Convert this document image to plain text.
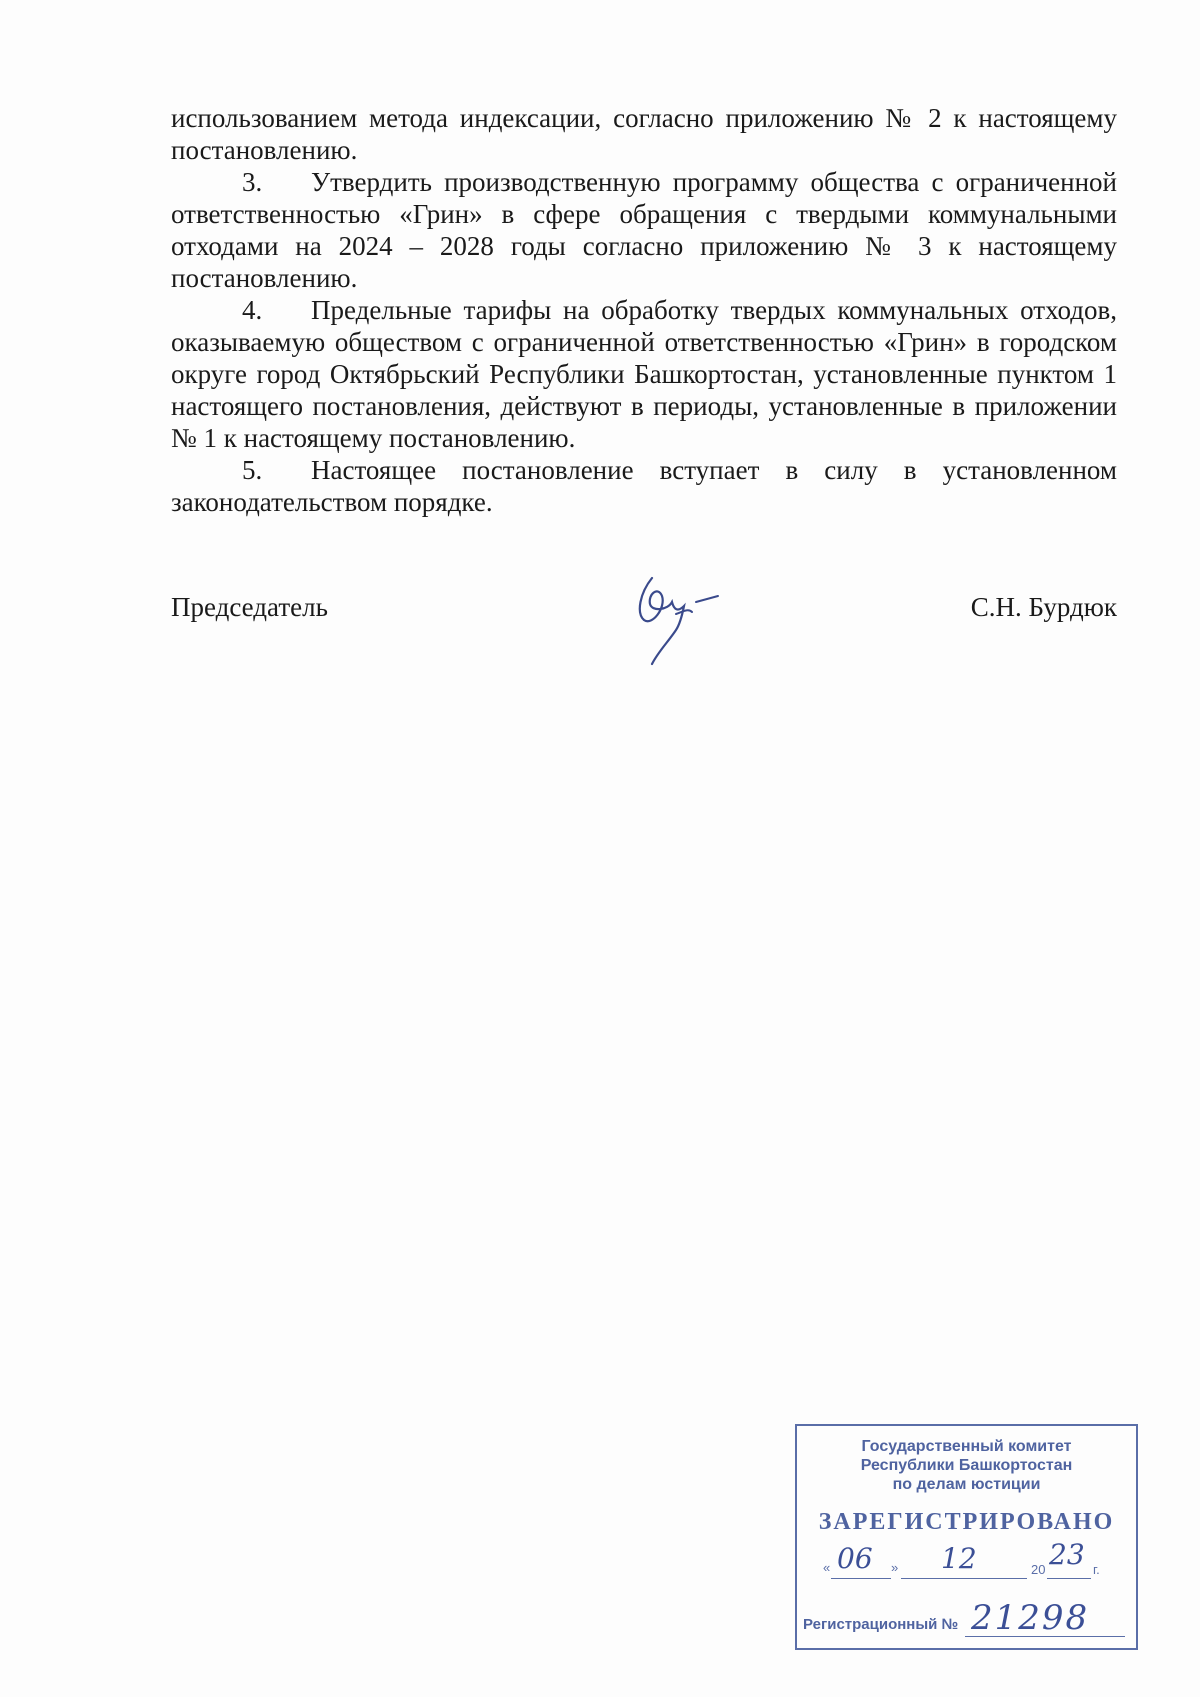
использованием метода индексации, согласно приложению № 2 к настоящему постановлению.

3. Утвердить производственную программу общества с ограниченной ответственностью «Грин» в сфере обращения с твердыми коммунальными отходами на 2024 – 2028 годы согласно приложению № 3 к настоящему постановлению.

4. Предельные тарифы на обработку твердых коммунальных отходов, оказываемую обществом с ограниченной ответственностью «Грин» в городском округе город Октябрьский Республики Башкортостан, установленные пунктом 1 настоящего постановления, действуют в периоды, установленные в приложении № 1 к настоящему постановлению.

5. Настоящее постановление вступает в силу в установленном законодательством порядке.

Председатель	С.Н. Бурдюк
Государственный комитет
Республики Башкортостан
по делам юстиции
ЗАРЕГИСТРИРОВАНО
« 06 » 12	20 23 г.
Регистрационный № 21298
